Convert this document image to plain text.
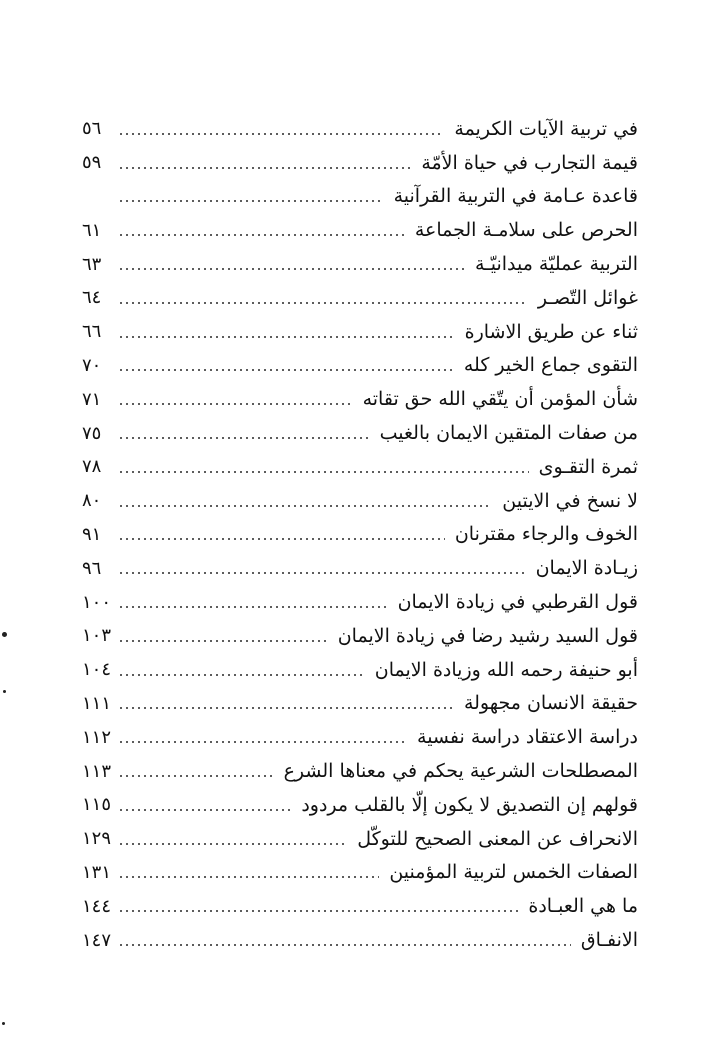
في تربية الآيات الكريمة
٥٦
قيمة التجارب في حياة الأمّة
٥٩
قاعدة عـامة في التربية القرآنية
الحرص على سلامـة الجماعة
٦١
التربية عمليّة ميدانيّـة
٦٣
غوائل التّصـر
٦٤
ثناء عن طريق الاشارة
٦٦
التقوى جماع الخير كله
٧٠
شأن المؤمن أن يتّقي الله حق تقاته
٧١
من صفات المتقين الايمان بالغيب
٧٥
ثمرة التقـوى
٧٨
لا نسخ في الايتين
٨٠
الخوف والرجاء مقترنان
٩١
زيـادة الايمان
٩٦
قول القرطبي في زيادة الايمان
١٠٠
قول السيد رشيد رضا في زيادة الايمان
١٠٣
أبو حنيفة رحمه الله وزيادة الايمان
١٠٤
حقيقة الانسان مجهولة
١١١
دراسة الاعتقاد دراسة نفسية
١١٢
المصطلحات الشرعية يحكم في معناها الشرع
١١٣
قولهم إن التصديق لا يكون إلّا بالقلب مردود
١١٥
الانحراف عن المعنى الصحيح للتوكّل
١٢٩
الصفات الخمس لتربية المؤمنين
١٣١
ما هي العبـادة
١٤٤
الانفـاق
١٤٧
